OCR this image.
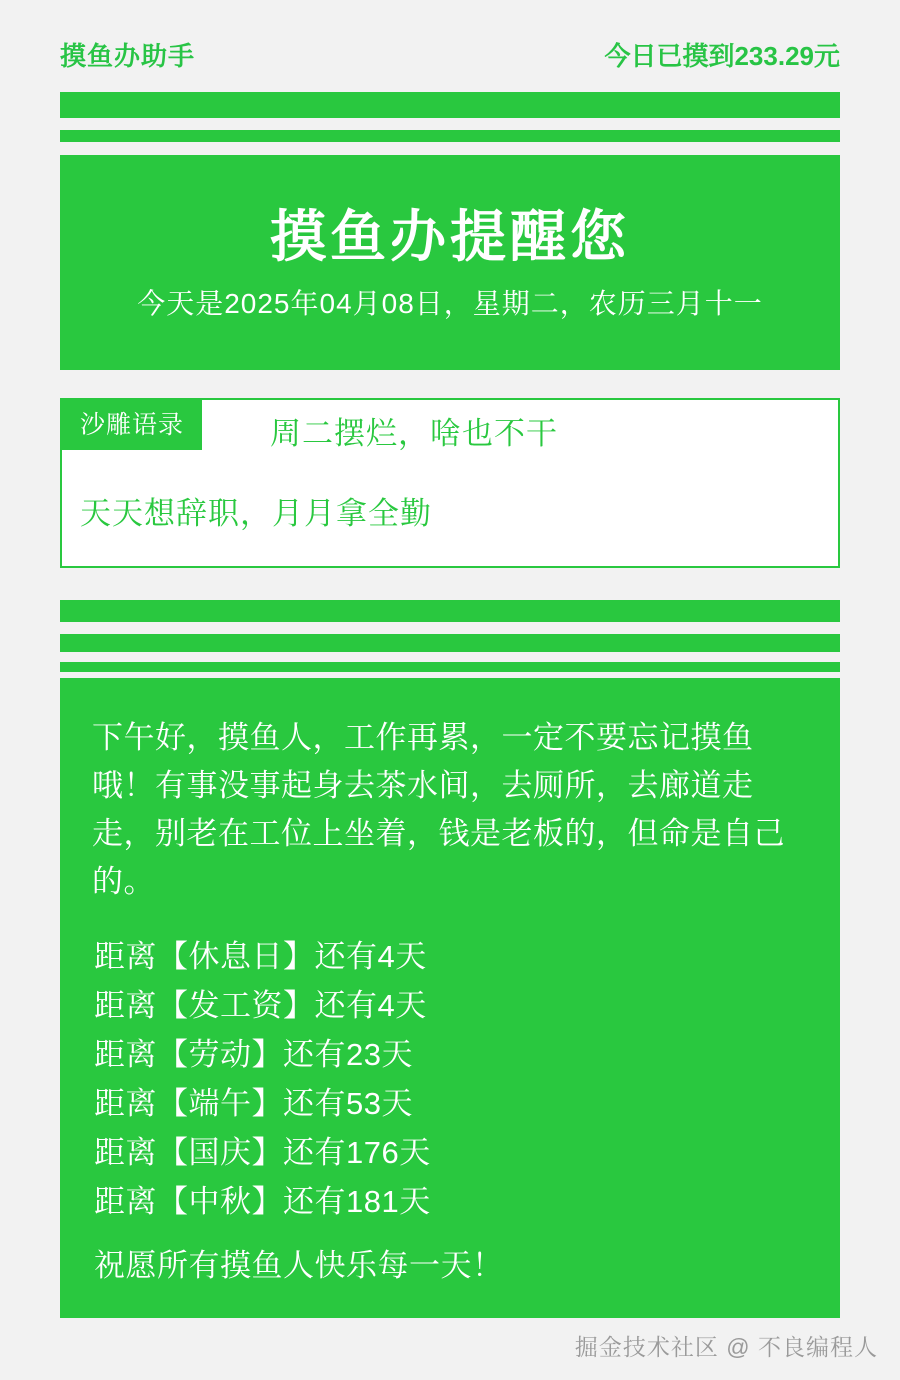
摸鱼办助手	今日已摸到233.29元
摸鱼办提醒您
今天是2025年04月08日，星期二，农历三月十一
沙雕语录	周二摆烂，啥也不干
天天想辞职，月月拿全勤

下午好，摸鱼人，工作再累，一定不要忘记摸鱼哦！有事没事起身去茶水间，去厕所，去廊道走走，别老在工位上坐着，钱是老板的，但命是自己的。

距离【休息日】还有4天
距离【发工资】还有4天
距离【劳动】还有23天
距离【端午】还有53天
距离【国庆】还有176天
距离【中秋】还有181天
祝愿所有摸鱼人快乐每一天！
掘金技术社区 @ 不良编程人
